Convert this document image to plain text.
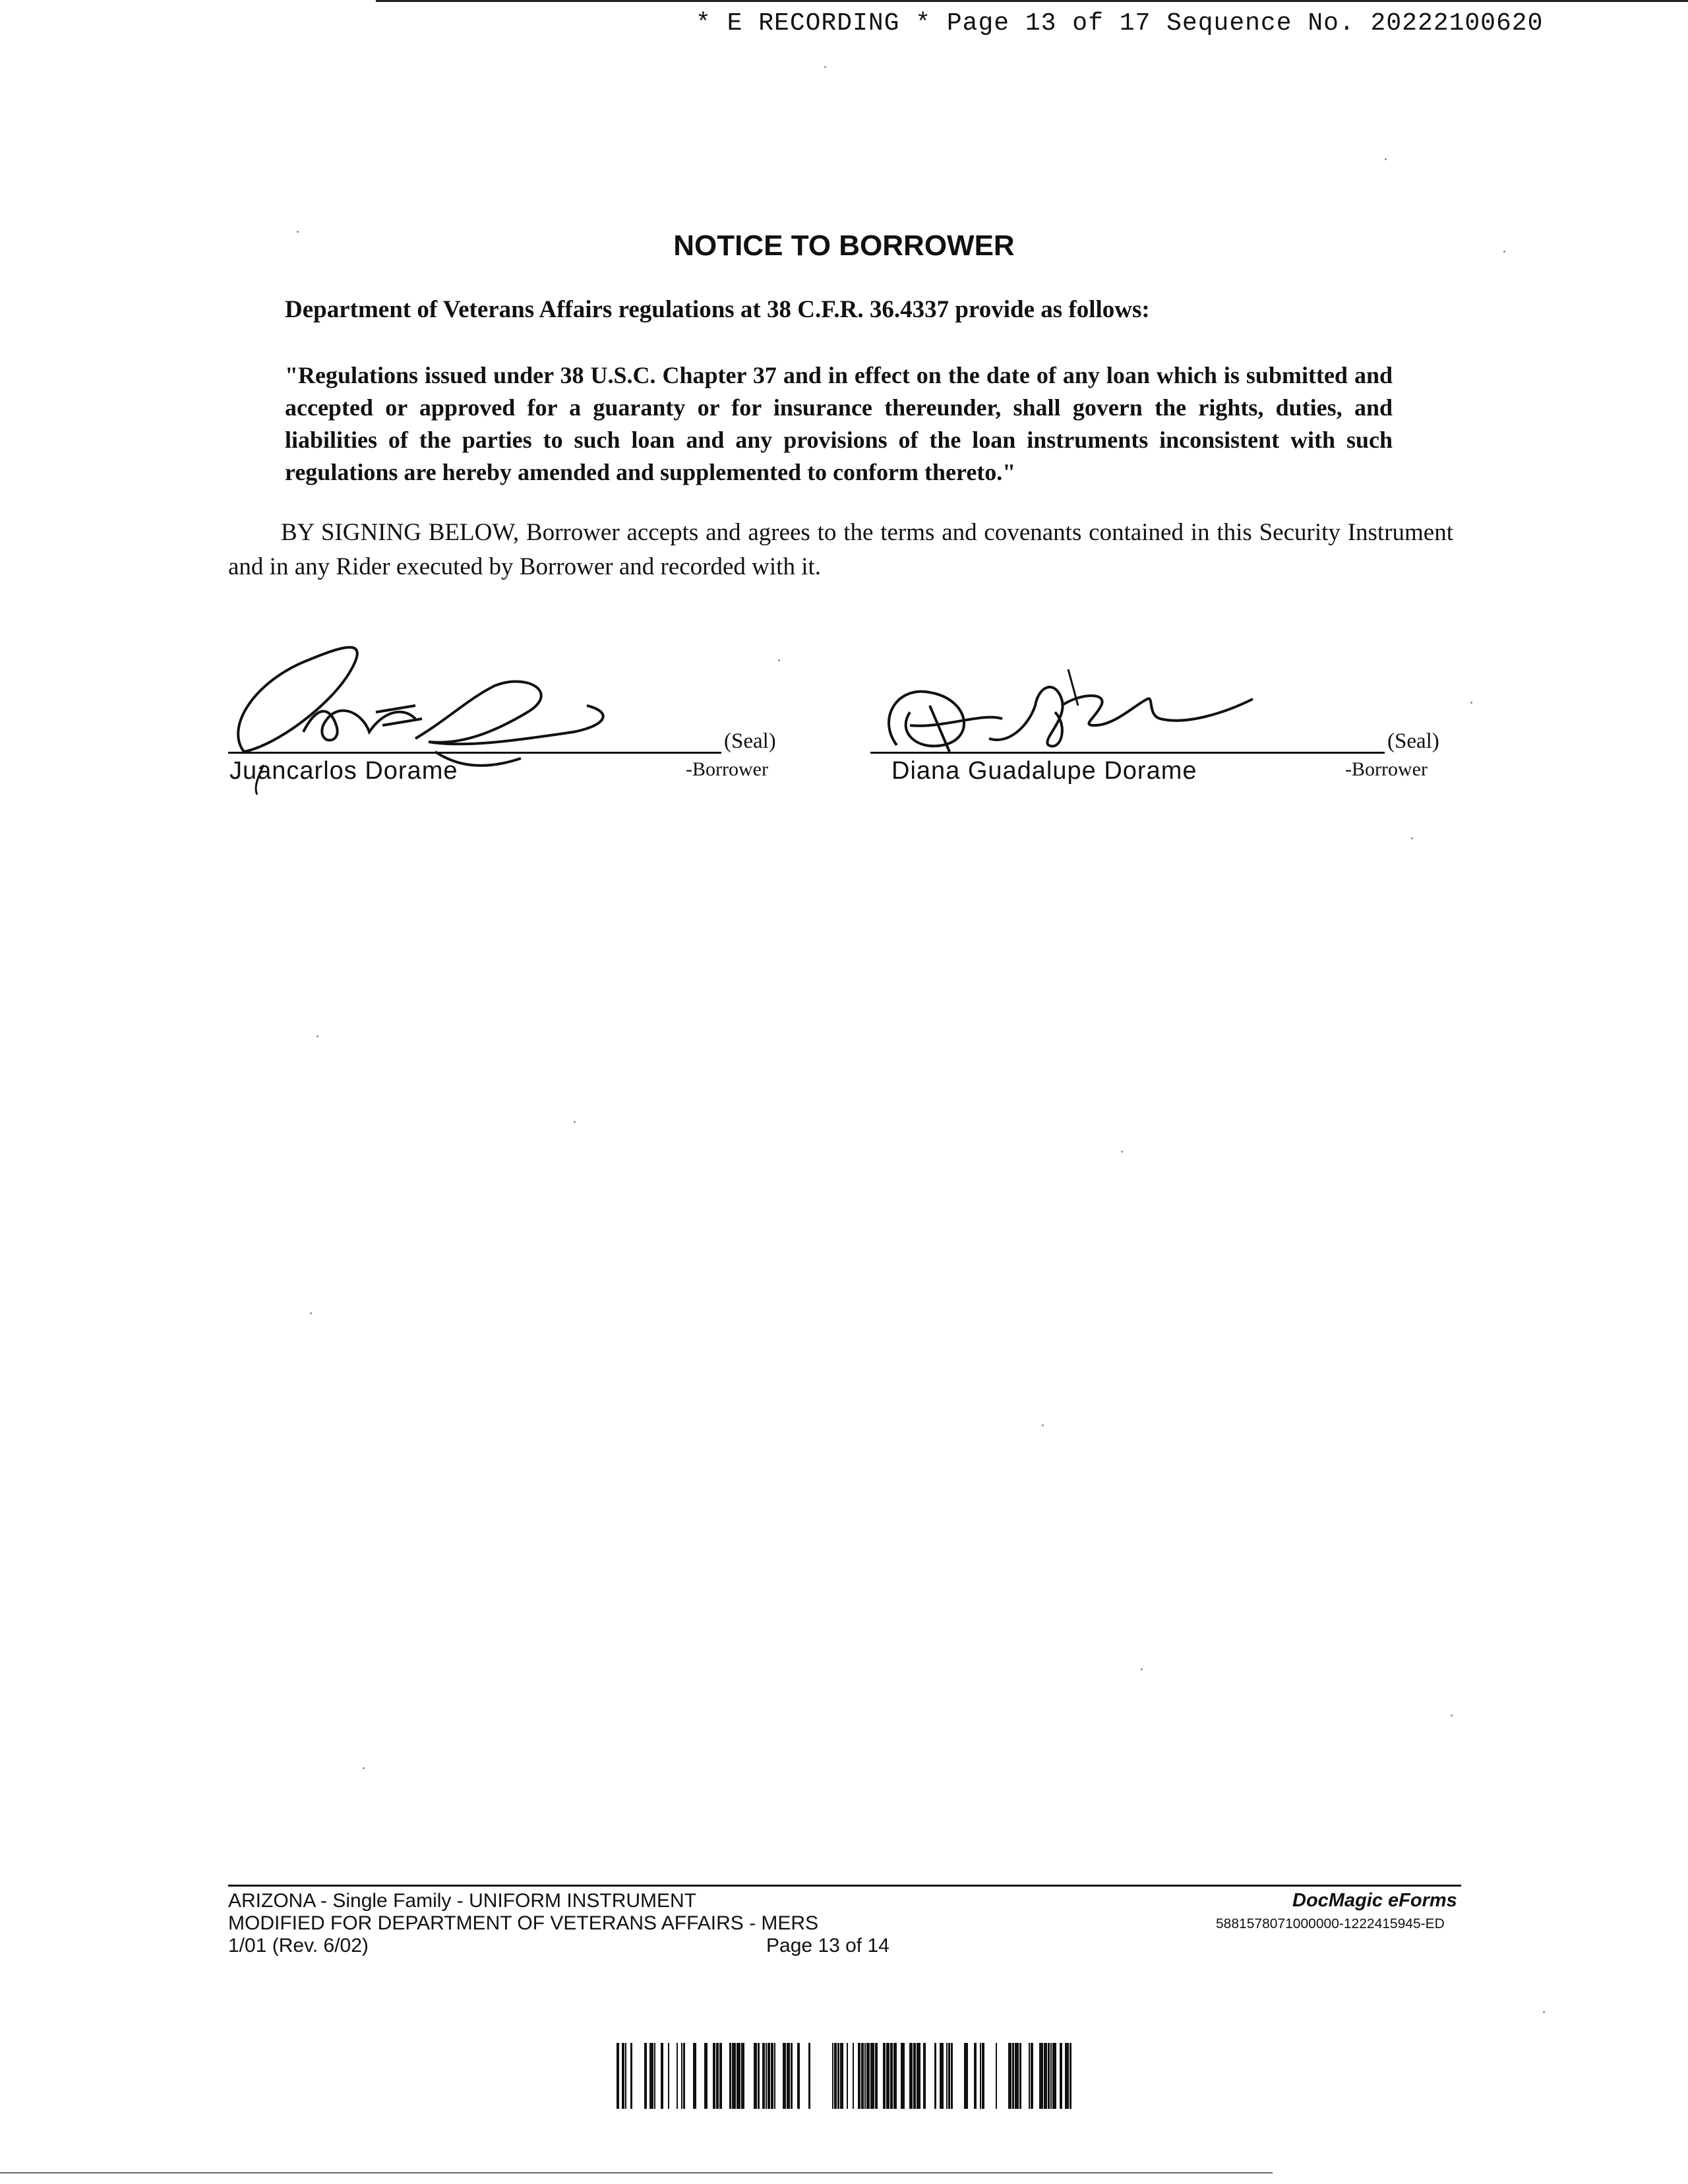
* E RECORDING * Page 13 of 17 Sequence No. 20222100620
NOTICE TO BORROWER
Department of Veterans Affairs regulations at 38 C.F.R. 36.4337 provide as follows:
"Regulations issued under 38 U.S.C. Chapter 37 and in effect on the date of any loan which is submitted and accepted or approved for a guaranty or for insurance thereunder, shall govern the rights, duties, and liabilities of the parties to such loan and any provisions of the loan instruments inconsistent with such regulations are hereby amended and supplemented to conform thereto."
BY SIGNING BELOW, Borrower accepts and agrees to the terms and covenants contained in this Security Instrument and in any Rider executed by Borrower and recorded with it.
(Seal)
Juancarlos Dorame	-Borrower
(Seal)
Diana Guadalupe Dorame	-Borrower
ARIZONA - Single Family - UNIFORM INSTRUMENT
MODIFIED FOR DEPARTMENT OF VETERANS AFFAIRS - MERS
1/01 (Rev. 6/02)	Page 13 of 14
DocMagic eForms
5881578071000000-1222415945-ED
